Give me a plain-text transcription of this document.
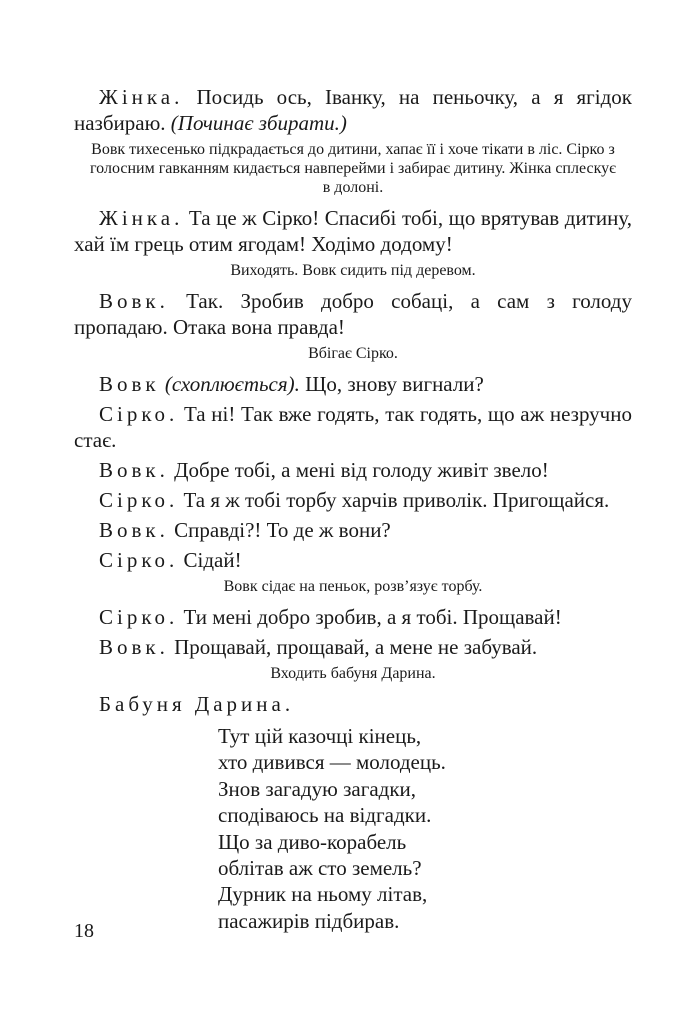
Жінка. Посидь ось, Іванку, на пеньочку, а я ягідок назбираю. (Починає збирати.)

Вовк тихесенько підкрадається до дитини, хапає її і хоче тікати в ліс. Сірко з голосним гавканням кидається навперейми і забирає дитину. Жінка сплескує в долоні.

Жінка. Та це ж Сірко! Спасибі тобі, що врятував дитину, хай їм грець отим ягодам! Ходімо додому!

Виходять. Вовк сидить під деревом.

Вовк. Так. Зробив добро собаці, а сам з голоду пропадаю. Отака вона правда!

Вбігає Сірко.

Вовк (схоплюється). Що, знову вигнали?

Сірко. Та ні! Так вже годять, так годять, що аж незручно стає.

Вовк. Добре тобі, а мені від голоду живіт звело!

Сірко. Та я ж тобі торбу харчів приволік. Пригощайся.

Вовк. Справді?! То де ж вони?

Сірко. Сідай!

Вовк сідає на пеньок, розв’язує торбу.

Сірко. Ти мені добро зробив, а я тобі. Прощавай!

Вовк. Прощавай, прощавай, а мене не забувай.

Входить бабуня Дарина.

Бабуня Дарина.

Тут цій казочці кінець,
хто дивився — молодець.
Знов загадую загадки,
сподіваюсь на відгадки.
Що за диво-корабель
облітав аж сто земель?
Дурник на ньому літав,
пасажирів підбирав.
18
